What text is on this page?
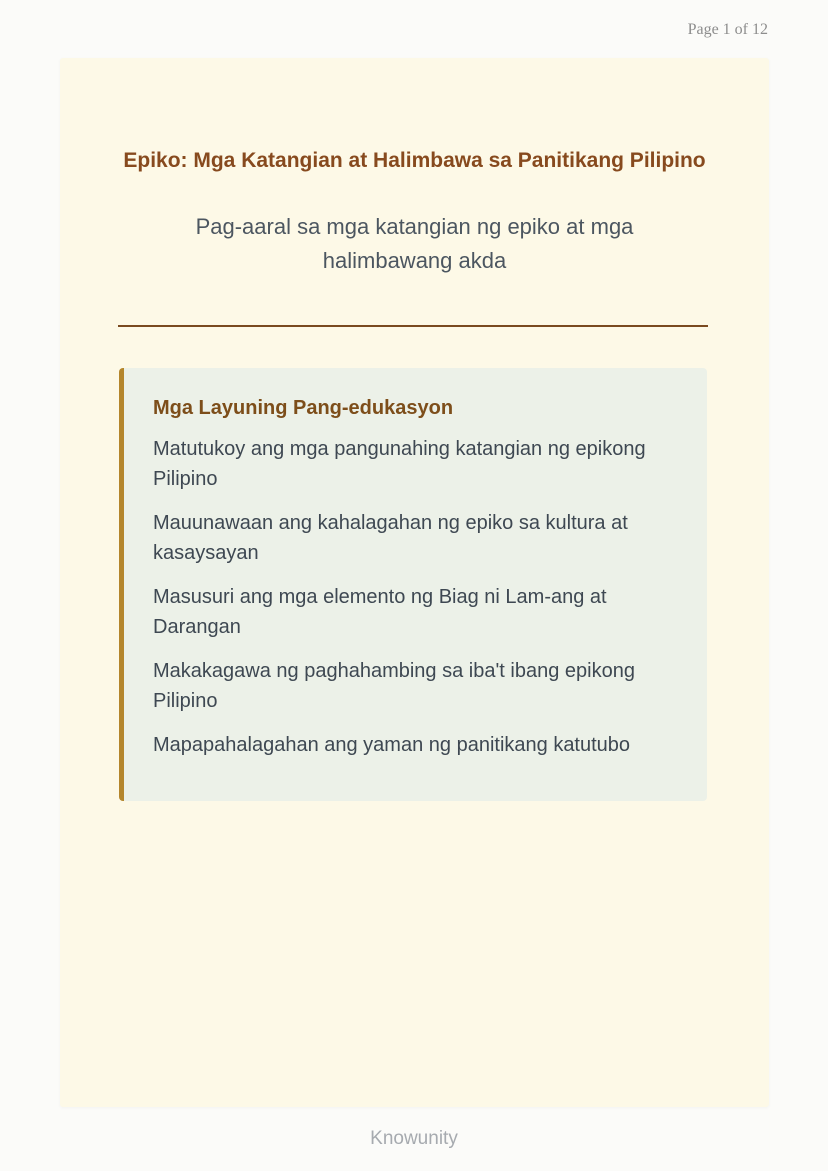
Page 1 of 12
Epiko: Mga Katangian at Halimbawa sa Panitikang Pilipino
Pag-aaral sa mga katangian ng epiko at mga halimbawang akda
Mga Layuning Pang-edukasyon
Matutukoy ang mga pangunahing katangian ng epikong Pilipino
Mauunawaan ang kahalagahan ng epiko sa kultura at kasaysayan
Masusuri ang mga elemento ng Biag ni Lam-ang at Darangan
Makakagawa ng paghahambing sa iba't ibang epikong Pilipino
Mapapahalagahan ang yaman ng panitikang katutubo
Knowunity
